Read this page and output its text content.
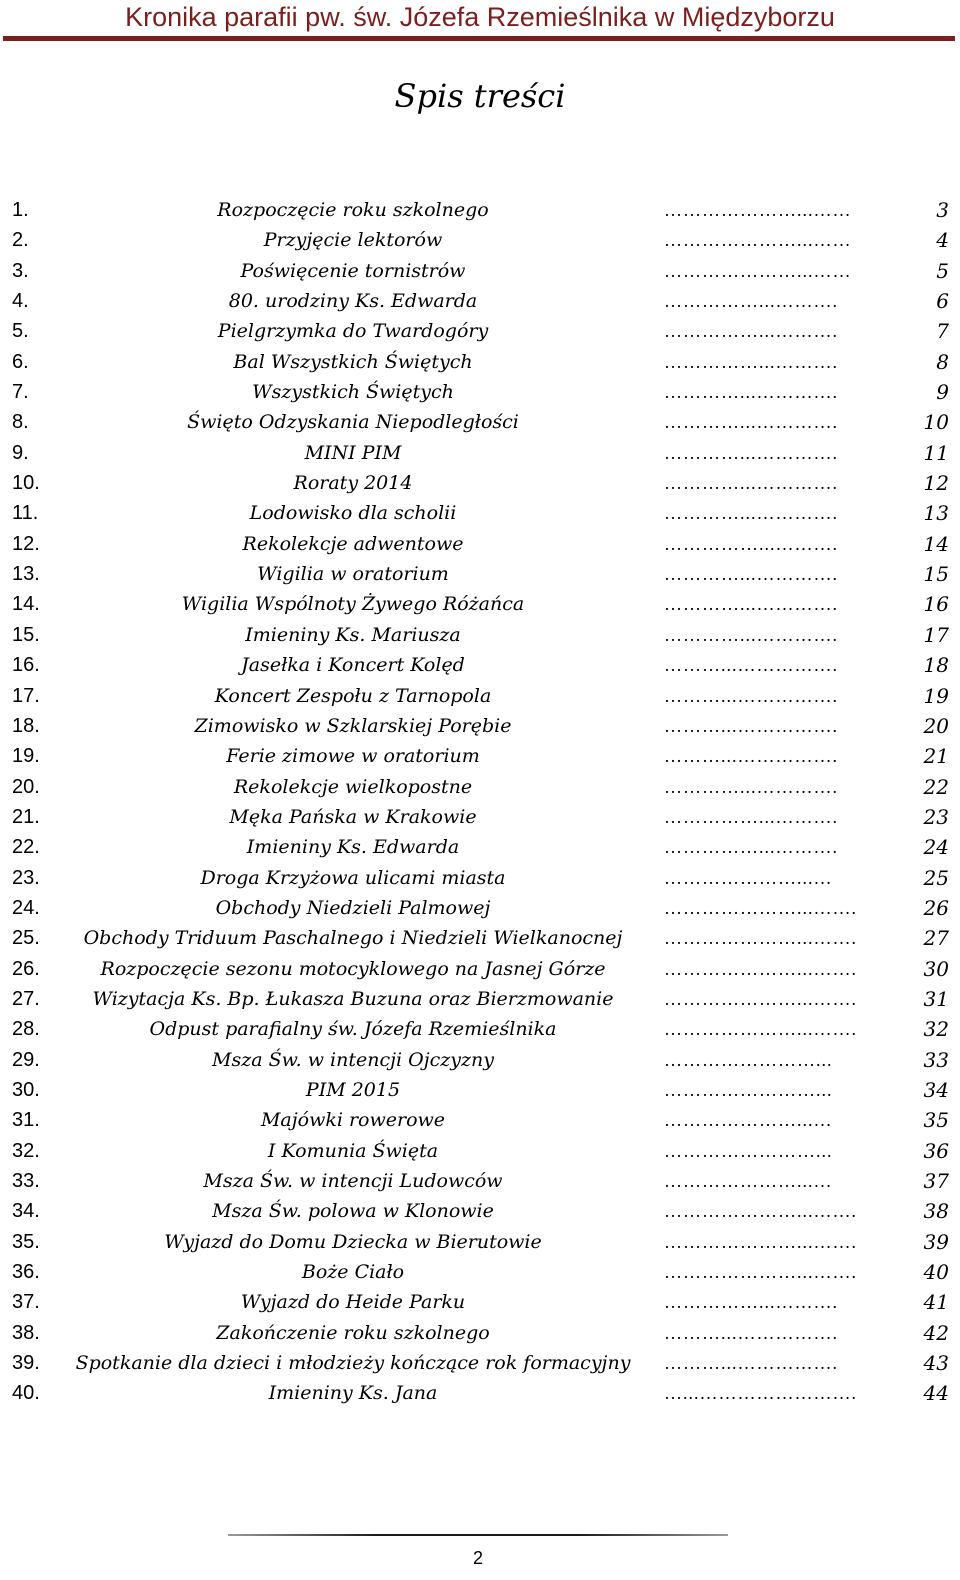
Kronika parafii pw. św. Józefa Rzemieślnika w Międzyborzu
Spis treści
1.	Rozpoczęcie roku szkolnego	…………………...……	3
2.	Przyjęcie lektorów	…………………...……	4
3.	Poświęcenie tornistrów	…………………...……	5
4.	80. urodziny Ks. Edwarda	……………...……….	6
5.	Pielgrzymka do Twardogóry	……………...……….	7
6.	Bal Wszystkich Świętych	……………...……….	8
7.	Wszystkich Świętych	…………...………….	9
8.	Święto Odzyskania Niepodległości	…………...………….	10
9.	MINI PIM	…………...………….	11
10.	Roraty 2014	…………...………….	12
11.	Lodowisko dla scholii	…………...………….	13
12.	Rekolekcje adwentowe	……………...……….	14
13.	Wigilia w oratorium	…………...………….	15
14.	Wigilia Wspólnoty Żywego Różańca	…………...………….	16
15.	Imieniny Ks. Mariusza	…………...………….	17
16.	Jasełka i Koncert Kolęd	………...…………….	18
17.	Koncert Zespołu z Tarnopola	………...…………….	19
18.	Zimowisko w Szklarskiej Porębie	………...…………….	20
19.	Ferie zimowe w oratorium	………...…………….	21
20.	Rekolekcje wielkopostne	…………...………….	22
21.	Męka Pańska w Krakowie	……………...……….	23
22.	Imieniny Ks. Edwarda	……………...……….	24
23.	Droga Krzyżowa ulicami miasta	…………………...…	25
24.	Obchody Niedzieli Palmowej	…………………...…….	26
25.	Obchody Triduum Paschalnego i Niedzieli Wielkanocnej	…………………...…….	27
26.	Rozpoczęcie sezonu motocyklowego na Jasnej Górze	…………………...…….	30
27.	Wizytacja Ks. Bp. Łukasza Buzuna oraz Bierzmowanie	…………………...…….	31
28.	Odpust parafialny św. Józefa Rzemieślnika	…………………...…….	32
29.	Msza Św. w intencji Ojczyzny	……………………...	33
30.	PIM 2015	……………………...	34
31.	Majówki rowerowe	…………………...…	35
32.	I Komunia Święta	……………………...	36
33.	Msza Św. w intencji Ludowców	…………………...…	37
34.	Msza Św. polowa w Klonowie	…………………...…….	38
35.	Wyjazd do Domu Dziecka w Bierutowie	…………………...…….	39
36.	Boże Ciało	…………………...…….	40
37.	Wyjazd do Heide Parku	……………...……….	41
38.	Zakończenie roku szkolnego	………...…………….	42
39.	Spotkanie dla dzieci i młodzieży kończące rok formacyjny	………...…………….	43
40.	Imieniny Ks. Jana	…...…………………….	44
2
